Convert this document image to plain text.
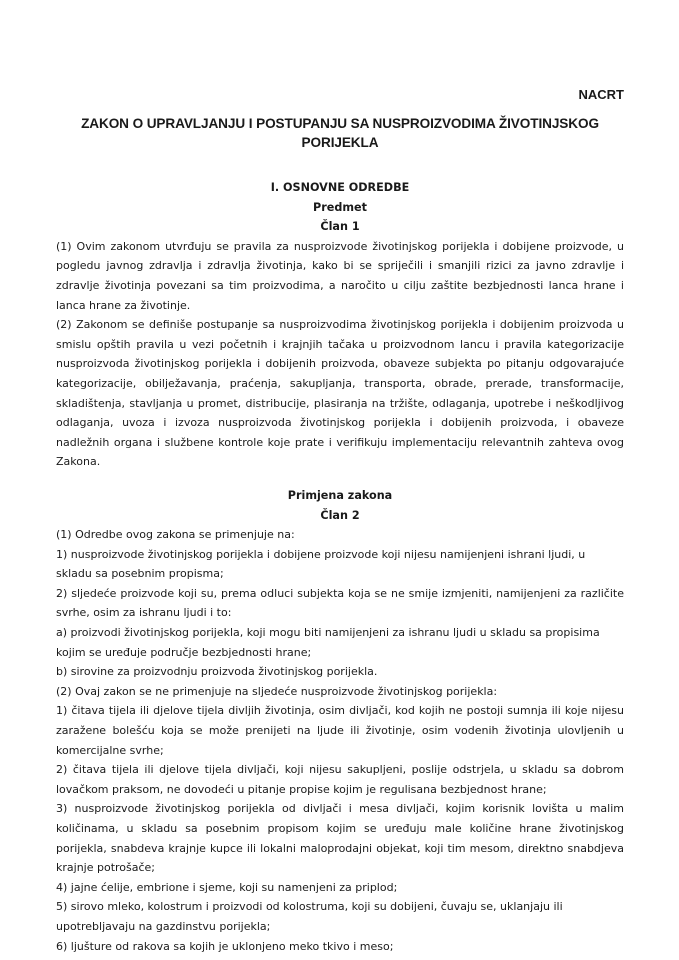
NACRT
ZAKON O UPRAVLJANJU I POSTUPANJU SA NUSPROIZVODIMA ŽIVOTINJSKOG
PORIJEKLA
I. OSNOVNE ODREDBE
Predmet
Član 1

(1) Ovim zakonom utvrđuju se pravila za nusproizvode životinjskog porijekla i dobijene proizvode, u pogledu javnog zdravlja i zdravlja životinja, kako bi se spriječili i smanjili rizici za javno zdravlje i zdravlje životinja povezani sa tim proizvodima, a naročito u cilju zaštite bezbjednosti lanca hrane i lanca hrane za životinje.

(2) Zakonom se definiše postupanje sa nusproizvodima životinjskog porijekla i dobijenim proizvoda u smislu opštih pravila u vezi početnih i krajnjih tačaka u proizvodnom lancu i pravila kategorizacije nusproizvoda životinjskog porijekla i dobijenih proizvoda, obaveze subjekta po pitanju odgovarajuće kategorizacije, obilježavanja, praćenja, sakupljanja, transporta, obrade, prerade, transformacije, skladištenja, stavljanja u promet, distribucije, plasiranja na tržište, odlaganja, upotrebe i neškodljivog odlaganja, uvoza i izvoza nusproizvoda životinjskog porijekla i dobijenih proizvoda, i obaveze nadležnih organa i službene kontrole koje prate i verifikuju implementaciju relevantnih zahteva ovog Zakona.

Primjena zakona
Član 2

(1) Odredbe ovog zakona se primenjuje na:

1) nusproizvode životinjskog porijekla i dobijene proizvode koji nijesu namijenjeni ishrani ljudi, u skladu sa posebnim propisma;

2) sljedeće proizvode koji su, prema odluci subjekta koja se ne smije izmjeniti, namijenjeni za različite svrhe, osim za ishranu ljudi i to:

a) proizvodi životinjskog porijekla, koji mogu biti namijenjeni za ishranu ljudi u skladu sa propisima kojim se uređuje područje bezbjednosti hrane;

b) sirovine za proizvodnju proizvoda životinjskog porijekla.

(2) Ovaj zakon se ne primenjuje na sljedeće nusproizvode životinjskog porijekla:

1) čitava tijela ili djelove tijela divljih životinja, osim divljači, kod kojih ne postoji sumnja ili koje nijesu zaražene bolešću koja se može prenijeti na ljude ili životinje, osim vodenih životinja ulovljenih u komercijalne svrhe;

2) čitava tijela ili djelove tijela divljači, koji nijesu sakupljeni, poslije odstrjela, u skladu sa dobrom lovačkom praksom, ne dovodeći u pitanje propise kojim je regulisana bezbjednost hrane;

3) nusproizvode životinjskog porijekla od divljači i mesa divljači, kojim korisnik lovišta u malim količinama, u skladu sa posebnim propisom kojim se uređuju male količine hrane životinjskog porijekla, snabdeva krajnje kupce ili lokalni maloprodajni objekat, koji tim mesom, direktno snabdjeva krajnje potrošače;

4) jajne ćelije, embrione i sjeme, koji su namenjeni za priplod;

5) sirovo mleko, kolostrum i proizvodi od kolostruma, koji su dobijeni, čuvaju se, uklanjaju ili upotrebljavaju na gazdinstvu porijekla;

6) ljušture od rakova sa kojih je uklonjeno meko tkivo i meso;
